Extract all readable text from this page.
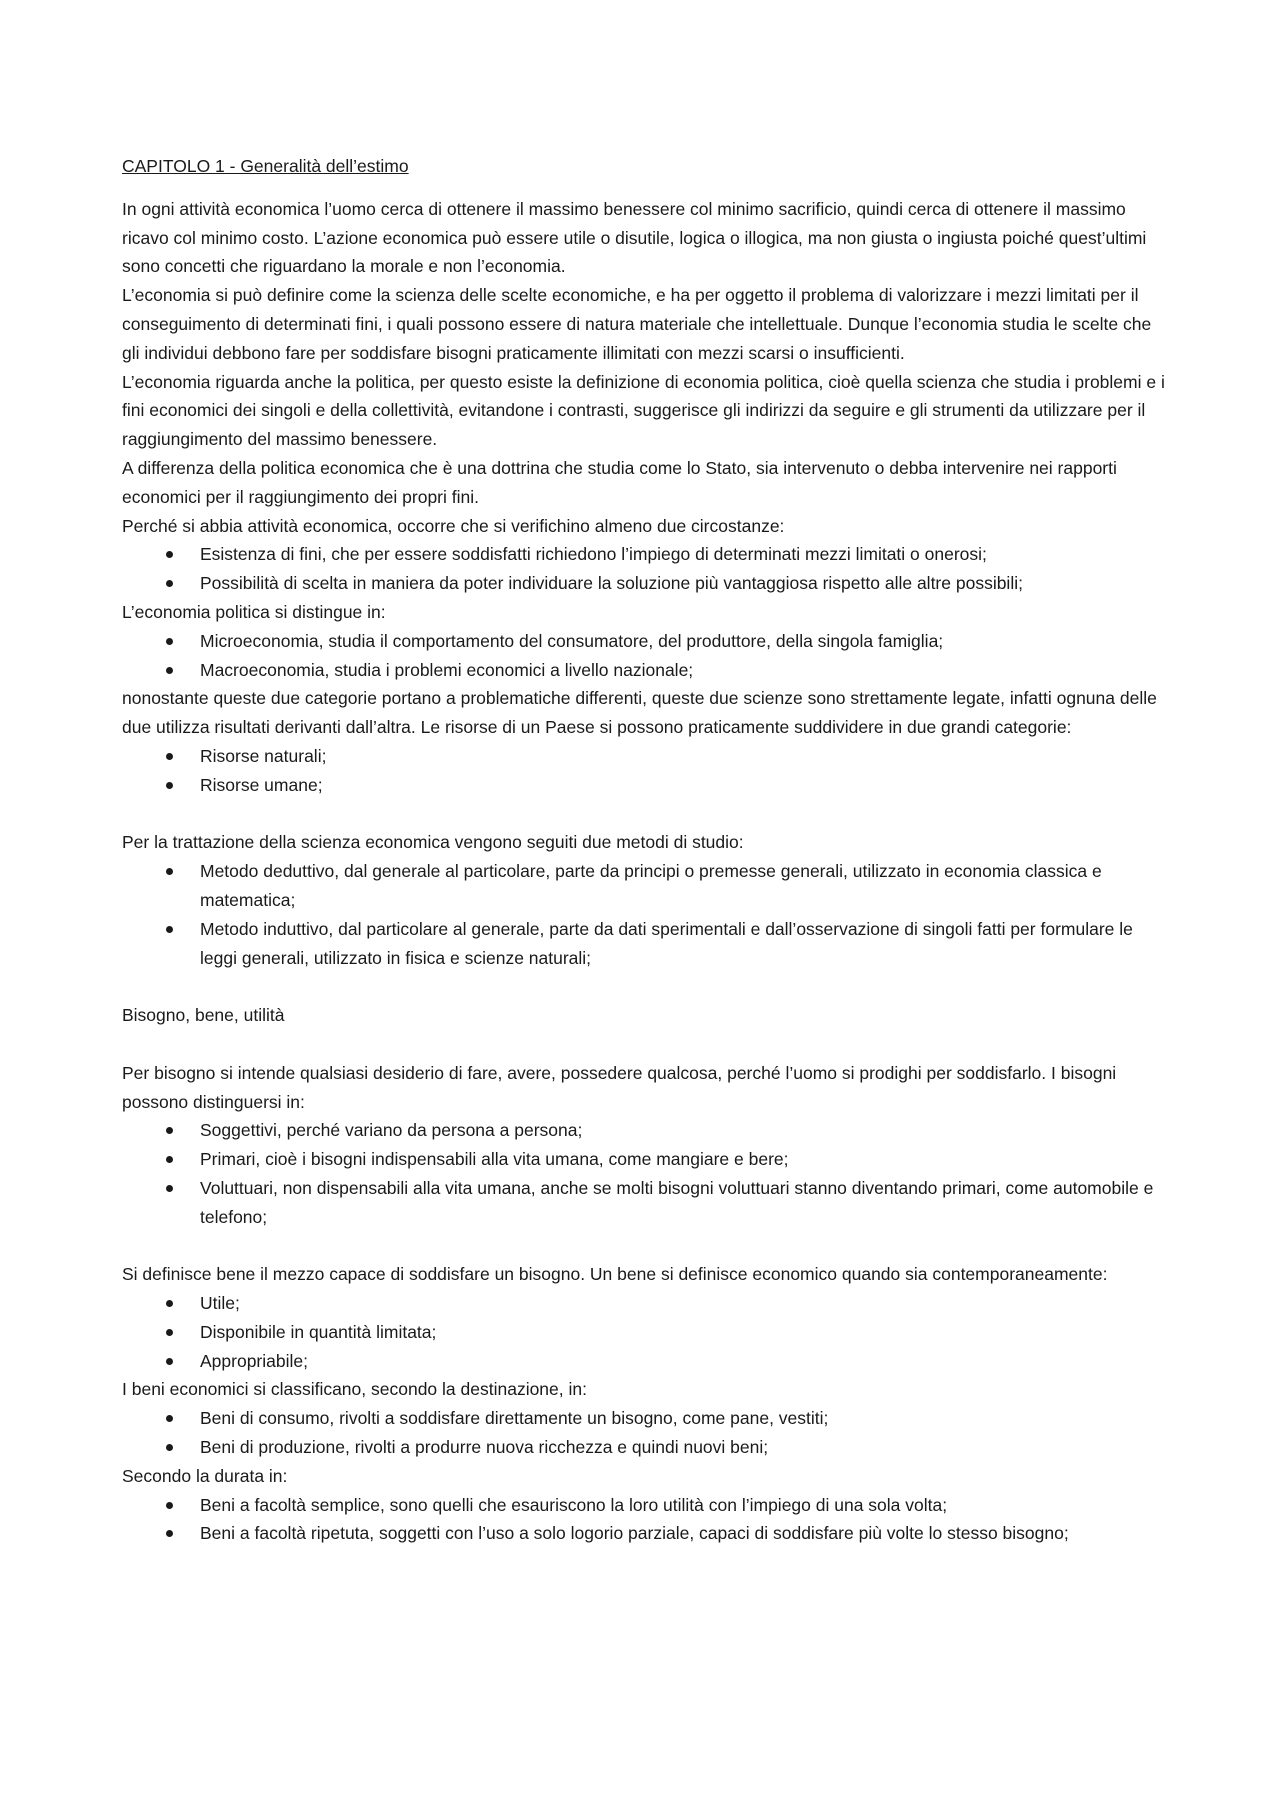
CAPITOLO 1 - Generalità dell’estimo

In ogni attività economica l’uomo cerca di ottenere il massimo benessere col minimo sacrificio, quindi cerca di ottenere il massimo ricavo col minimo costo. L’azione economica può essere utile o disutile, logica o illogica, ma non giusta o ingiusta poiché quest’ultimi sono concetti che riguardano la morale e non l’economia.

L’economia si può definire come la scienza delle scelte economiche, e ha per oggetto il problema di valorizzare i mezzi limitati per il conseguimento di determinati fini, i quali possono essere di natura materiale che intellettuale. Dunque l’economia studia le scelte che gli individui debbono fare per soddisfare bisogni praticamente illimitati con mezzi scarsi o insufficienti.

L’economia riguarda anche la politica, per questo esiste la definizione di economia politica, cioè quella scienza che studia i problemi e i fini economici dei singoli e della collettività, evitandone i contrasti, suggerisce gli indirizzi da seguire e gli strumenti da utilizzare per il raggiungimento del massimo benessere.

A differenza della politica economica che è una dottrina che studia come lo Stato, sia intervenuto o debba intervenire nei rapporti economici per il raggiungimento dei propri fini.

Perché si abbia attività economica, occorre che si verifichino almeno due circostanze:

Esistenza di fini, che per essere soddisfatti richiedono l’impiego di determinati mezzi limitati o onerosi;
Possibilità di scelta in maniera da poter individuare la soluzione più vantaggiosa rispetto alle altre possibili;

L’economia politica si distingue in:

Microeconomia, studia il comportamento del consumatore, del produttore, della singola famiglia;
Macroeconomia, studia i problemi economici a livello nazionale;

nonostante queste due categorie portano a problematiche differenti, queste due scienze sono strettamente legate, infatti ognuna delle due utilizza risultati derivanti dall’altra. Le risorse di un Paese si possono praticamente suddividere in due grandi categorie:

Risorse naturali;
Risorse umane;

Per la trattazione della scienza economica vengono seguiti due metodi di studio:

Metodo deduttivo, dal generale al particolare, parte da principi o premesse generali, utilizzato in economia classica e matematica;
Metodo induttivo, dal particolare al generale, parte da dati sperimentali e dall’osservazione di singoli fatti per formulare le leggi generali, utilizzato in fisica e scienze naturali;

Bisogno, bene, utilità

Per bisogno si intende qualsiasi desiderio di fare, avere, possedere qualcosa, perché l’uomo si prodighi per soddisfarlo. I bisogni possono distinguersi in:

Soggettivi, perché variano da persona a persona;
Primari, cioè i bisogni indispensabili alla vita umana, come mangiare e bere;
Voluttuari, non dispensabili alla vita umana, anche se molti bisogni voluttuari stanno diventando primari, come automobile e telefono;

Si definisce bene il mezzo capace di soddisfare un bisogno. Un bene si definisce economico quando sia contemporaneamente:

Utile;
Disponibile in quantità limitata;
Appropriabile;

I beni economici si classificano, secondo la destinazione, in:

Beni di consumo, rivolti a soddisfare direttamente un bisogno, come pane, vestiti;
Beni di produzione, rivolti a produrre nuova ricchezza e quindi nuovi beni;

Secondo la durata in:

Beni a facoltà semplice, sono quelli che esauriscono la loro utilità con l’impiego di una sola volta;
Beni a facoltà ripetuta, soggetti con l’uso a solo logorio parziale, capaci di soddisfare più volte lo stesso bisogno;
